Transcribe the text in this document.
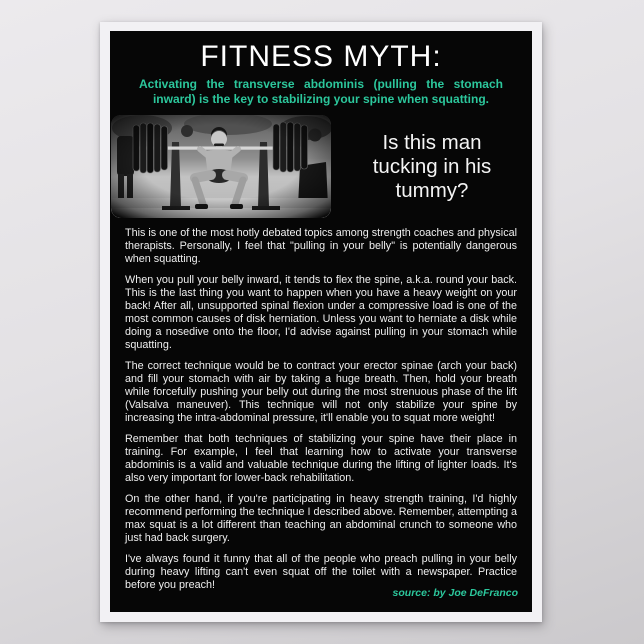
FITNESS MYTH:

Activating the transverse abdominis (pulling the stomach inward) is the key to stabilizing your spine when squatting.

Is this man tucking in his tummy?

This is one of the most hotly debated topics among strength coaches and physical therapists. Personally, I feel that "pulling in your belly" is potentially dangerous when squatting.

When you pull your belly inward, it tends to flex the spine, a.k.a. round your back. This is the last thing you want to happen when you have a heavy weight on your back! After all, unsupported spinal flexion under a compressive load is one of the most common causes of disk herniation. Unless you want to herniate a disk while doing a nosedive onto the floor, I'd advise against pulling in your stomach while squatting.

The correct technique would be to contract your erector spinae (arch your back) and fill your stomach with air by taking a huge breath. Then, hold your breath while forcefully pushing your belly out during the most strenuous phase of the lift (Valsalva maneuver). This technique will not only stabilize your spine by increasing the intra-abdominal pressure, it'll enable you to squat more weight!

Remember that both techniques of stabilizing your spine have their place in training. For example, I feel that learning how to activate your transverse abdominis is a valid and valuable technique during the lifting of lighter loads. It's also very important for lower-back rehabilitation.

On the other hand, if you're participating in heavy strength training, I'd highly recommend performing the technique I described above. Remember, attempting a max squat is a lot different than teaching an abdominal crunch to someone who just had back surgery.

I've always found it funny that all of the people who preach pulling in your belly during heavy lifting can't even squat off the toilet with a newspaper. Practice before you preach!

source: by Joe DeFranco
